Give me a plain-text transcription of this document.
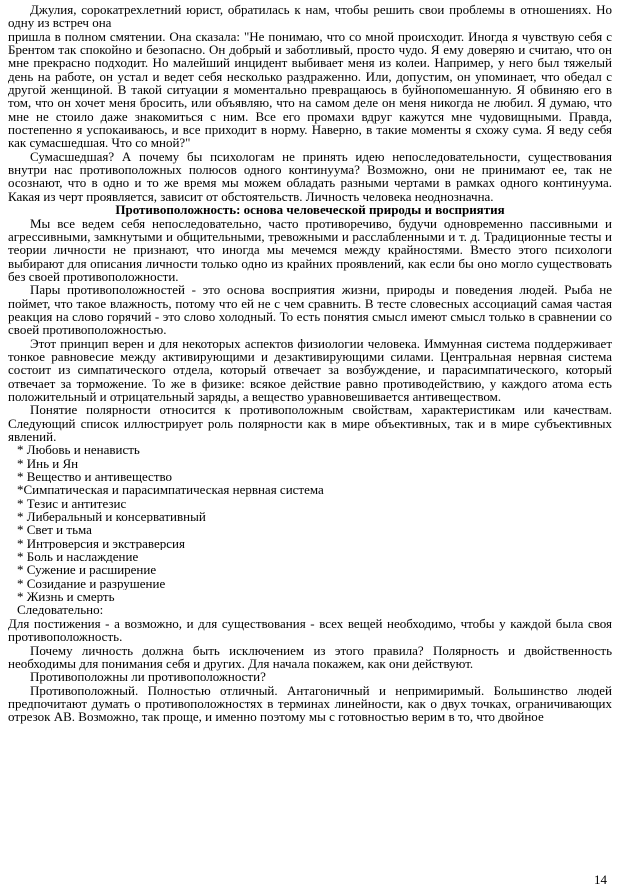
Джулия, сорокатрехлетний юрист, обратилась к нам, чтобы решить свои проблемы в отношениях. Но одну из встреч она

пришла в полном смятении. Она сказала: "Не понимаю, что со мной происходит. Иногда я чувствую себя с Брентом так спокойно и безопасно. Он добрый и заботливый, просто чудо. Я ему доверяю и считаю, что он мне прекрасно подходит. Но малейший инцидент выбивает меня из колеи. Например, у него был тяжелый день на работе, он устал и ведет себя несколько раздраженно. Или, допустим, он упоминает, что обедал с другой женщиной. В такой ситуации я моментально превращаюсь в буйнопомешанную. Я обвиняю его в том, что он хочет меня бросить, или объявляю, что на самом деле он меня никогда не любил. Я думаю, что мне не стоило даже знакомиться с ним. Все его промахи вдруг кажутся мне чудовищными. Правда, постепенно я успокаиваюсь, и все приходит в норму. Наверно, в такие моменты я схожу сума. Я веду себя как сумасшедшая. Что со мной?"

Сумасшедшая? А почему бы психологам не принять идею непоследовательности, существования внутри нас противоположных полюсов одного континуума? Возможно, они не принимают ее, так не осознают, что в одно и то же время мы можем обладать разными чертами в рамках одного континуума. Какая из черт проявляется, зависит от обстоятельств. Личность человека неоднозначна.

Противоположность: основа человеческой природы и восприятия

Мы все ведем себя непоследовательно, часто противоречиво, будучи одновременно пассивными и агрессивными, замкнутыми и общительными, тревожными и расслабленными и т. д. Традиционные тесты и теории личности не признают, что иногда мы мечемся между крайностями. Вместо этого психологи выбирают для описания личности только одно из крайних проявлений, как если бы оно могло существовать без своей противоположности.

Пары противоположностей - это основа восприятия жизни, природы и поведения людей. Рыба не поймет, что такое влажность, потому что ей не с чем сравнить. В тесте словесных ассоциаций самая частая реакция на слово горячий - это слово холодный. То есть понятия смысл имеют смысл только в сравнении со своей противоположностью.

Этот принцип верен и для некоторых аспектов физиологии человека. Иммунная система поддерживает тонкое равновесие между активирующими и дезактивирующими силами. Центральная нервная система состоит из симпатического отдела, который отвечает за возбуждение, и парасимпатического, который отвечает за торможение. То же в физике: всякое действие равно противодействию, у каждого атома есть положительный и отрицательный заряды, а вещество уравновешивается антивеществом.

Понятие полярности относится к противоположным свойствам, характеристикам или качествам. Следующий список иллюстрирует роль полярности как в мире объективных, так и в мире субъективных явлений.

* Любовь и ненависть
* Инь и Ян
* Вещество и антивещество
*Симпатическая и парасимпатическая нервная система
* Тезис и антитезис
* Либеральный и консервативный
* Свет и тьма
* Интроверсия и экстраверсия
* Боль и наслаждение
* Сужение и расширение
* Созидание и разрушение
* Жизнь и смерть
Следовательно:

Для постижения - а возможно, и для существования - всех вещей необходимо, чтобы у каждой была своя противоположность.

Почему личность должна быть исключением из этого правила? Полярность и двойственность необходимы для понимания себя и других. Для начала покажем, как они действуют.

Противоположны ли противоположности?

Противоположный. Полностью отличный. Антагоничный и непримиримый. Большинство людей предпочитают думать о противоположностях в терминах линейности, как о двух точках, ограничивающих отрезок AB. Возможно, так проще, и именно поэтому мы с готовностью верим в то, что двойное

14
